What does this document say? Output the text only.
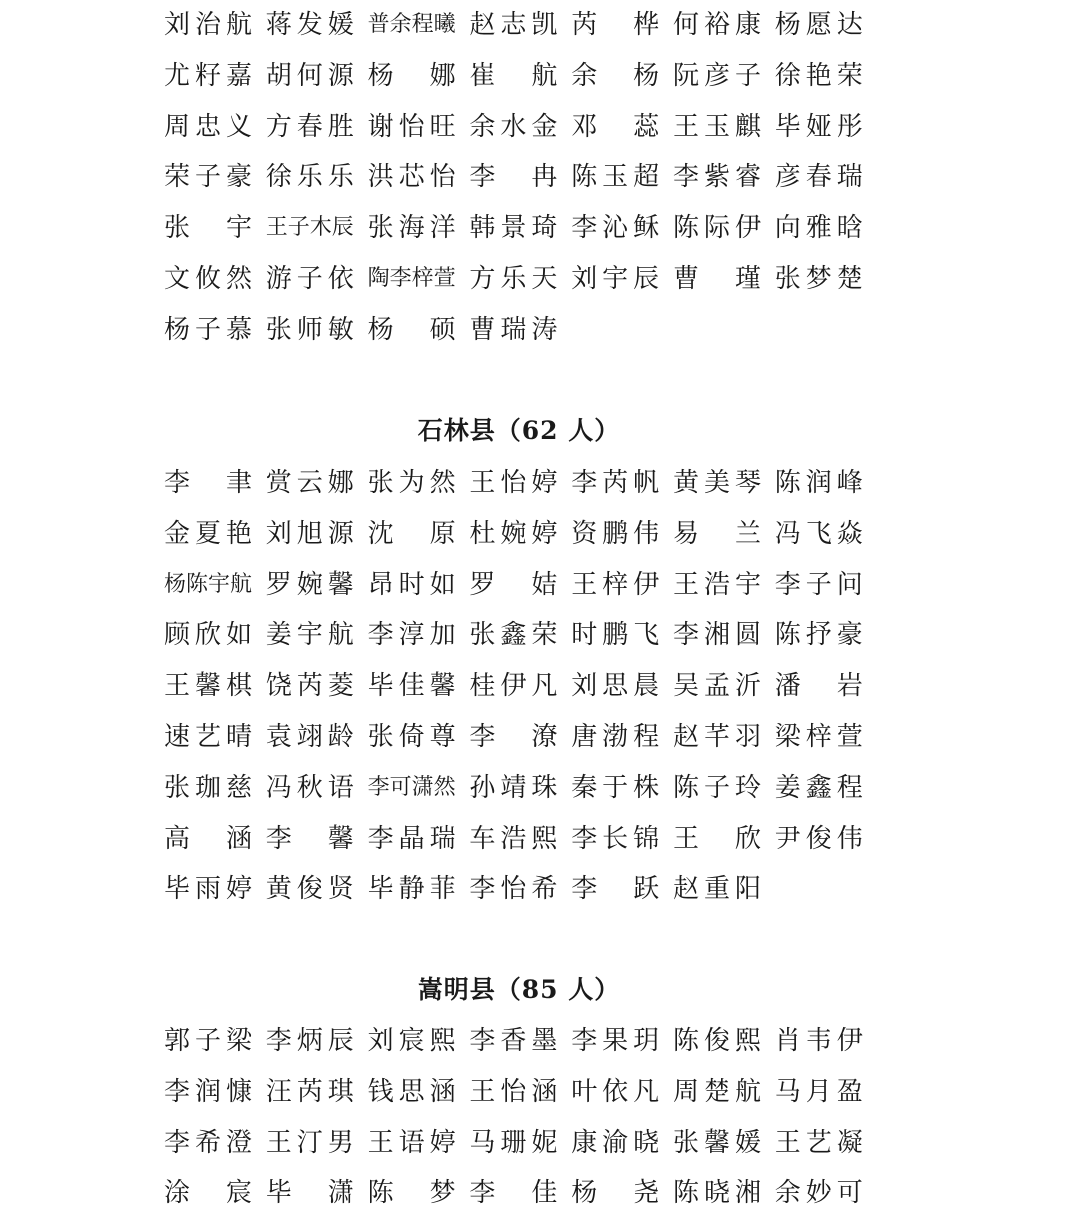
刘 治 航 蒋 发 媛 普余程曦 赵 志 凯 芮
　 桦 何 裕 康 杨 愿 达
尤 籽 嘉 胡 何 源 杨
　 娜 崔
　 航 余
　 杨 阮 彦 子 徐 艳 荣
周 忠 义 方 春 胜 谢 怡 旺 余 水 金 邓
　 蕊 王 玉 麒 毕 娅 彤
荣 子 豪 徐 乐 乐 洪 芯 怡 李
　 冉 陈 玉 超 李 紫 睿 彦 春 瑞
张
　 宇 王子木辰 张 海 洋 韩 景 琦 李 沁 稣 陈 际 伊 向 雅 晗
文 攸 然 游 子 依 陶李梓萱 方 乐 天 刘 宇 辰 曹
　 瑾 张 梦 楚
杨 子 慕 张 师 敏 杨
　 硕 曹 瑞 涛
石林县（62 人）
李
　 聿 赏 云 娜 张 为 然 王 怡 婷 李 芮 帆 黄 美 琴 陈 润 峰
金 夏 艳 刘 旭 源 沈
　 原 杜 婉 婷 资 鹏 伟 易
　 兰 冯 飞 焱
杨陈宇航 罗 婉 馨 昂 时 如 罗
　 姞 王 梓 伊 王 浩 宇 李 子 问
顾 欣 如 姜 宇 航 李 淳 加 张 鑫 荣 时 鹏 飞 李 湘 圆 陈 抒 豪
王 馨 棋 饶 芮 菱 毕 佳 馨 桂 伊 凡 刘 思 晨 吴 孟 沂 潘
　 岩
速 艺 晴 袁 翊 龄 张 倚 尊 李
　 潦 唐 渤 程 赵 芊 羽 梁 梓 萱
张 珈 慈 冯 秋 语 李可潇然 孙 靖 珠 秦 于 株 陈 子 玲 姜 鑫 程
高
　 涵 李
　 馨 李 晶 瑞 车 浩 熙 李 长 锦 王
　 欣 尹 俊 伟
毕 雨 婷 黄 俊 贤 毕 静 菲 李 怡 希 李
　 跃 赵 重 阳
嵩明县（85 人）
郭 子 梁 李 炳 辰 刘 宸 熙 李 香 墨 李 果 玥 陈 俊 熙 肖 韦 伊
李 润 慷 汪 芮 琪 钱 思 涵 王 怡 涵 叶 依 凡 周 楚 航 马 月 盈
李 希 澄 王 汀 男 王 语 婷 马 珊 妮 康 渝 晓 张 馨 媛 王 艺 凝
涂
　 宸 毕
　 潇 陈
　 梦 李
　 佳 杨
　 尧 陈 晓 湘 余 妙 可
